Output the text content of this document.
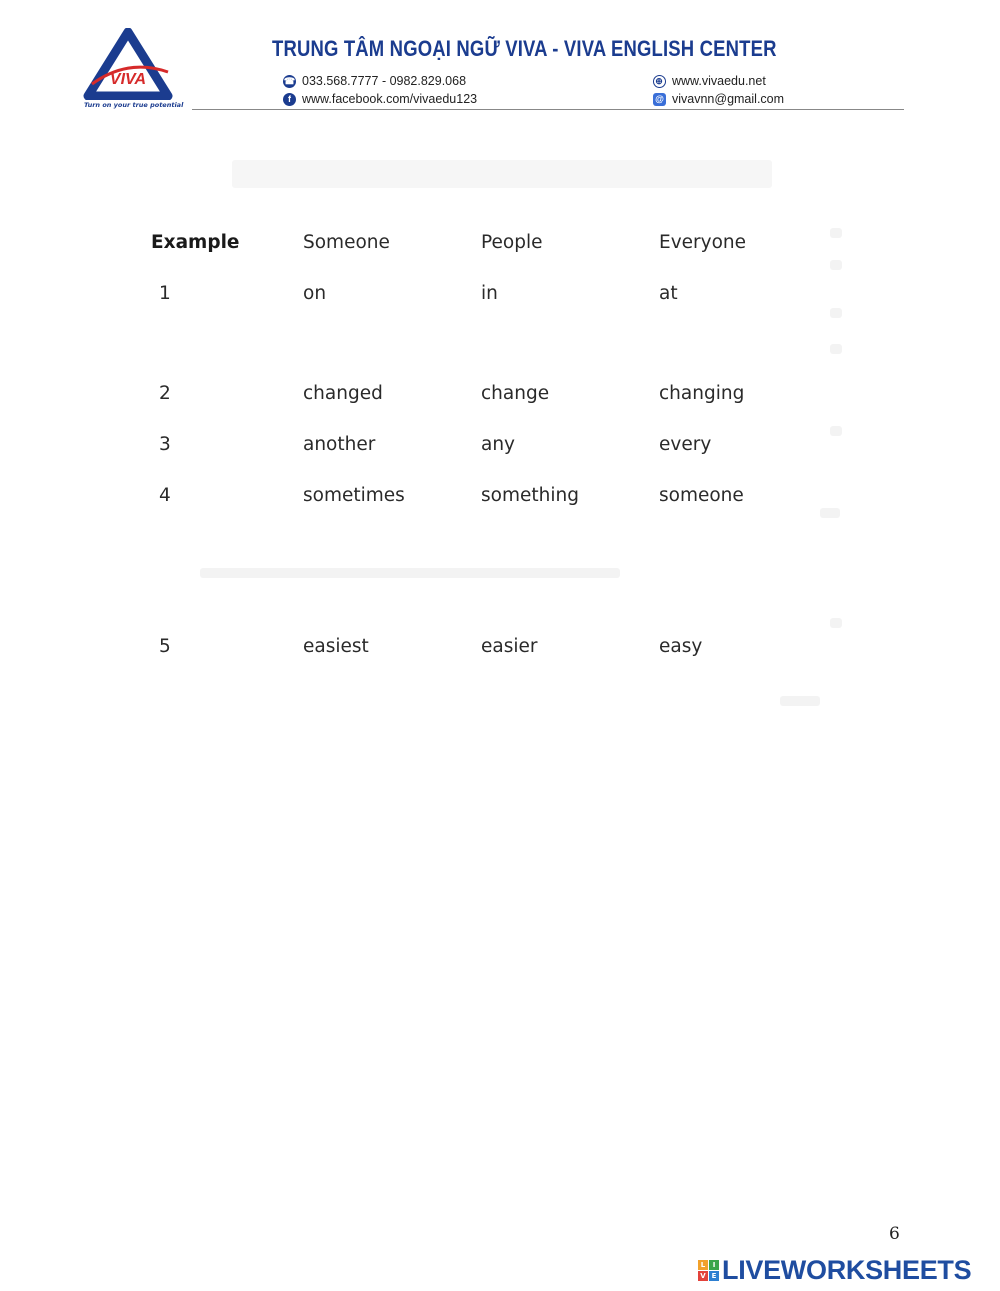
VIVA
Turn on your true potential
TRUNG TÂM NGOẠI NGỮ VIVA - VIVA ENGLISH CENTER
☎ 033.568.7777 - 0982.829.068
f www.facebook.com/vivaedu123
⊕ www.vivaedu.net
@ vivavnn@gmail.com
Example	Someone	People	Everyone
1	on	in	at
2	changed	change	changing
3	another	any	every
4	sometimes	something	someone
5	easiest	easier	easy
6
L	I
V E LIVEWORKSHEETS
